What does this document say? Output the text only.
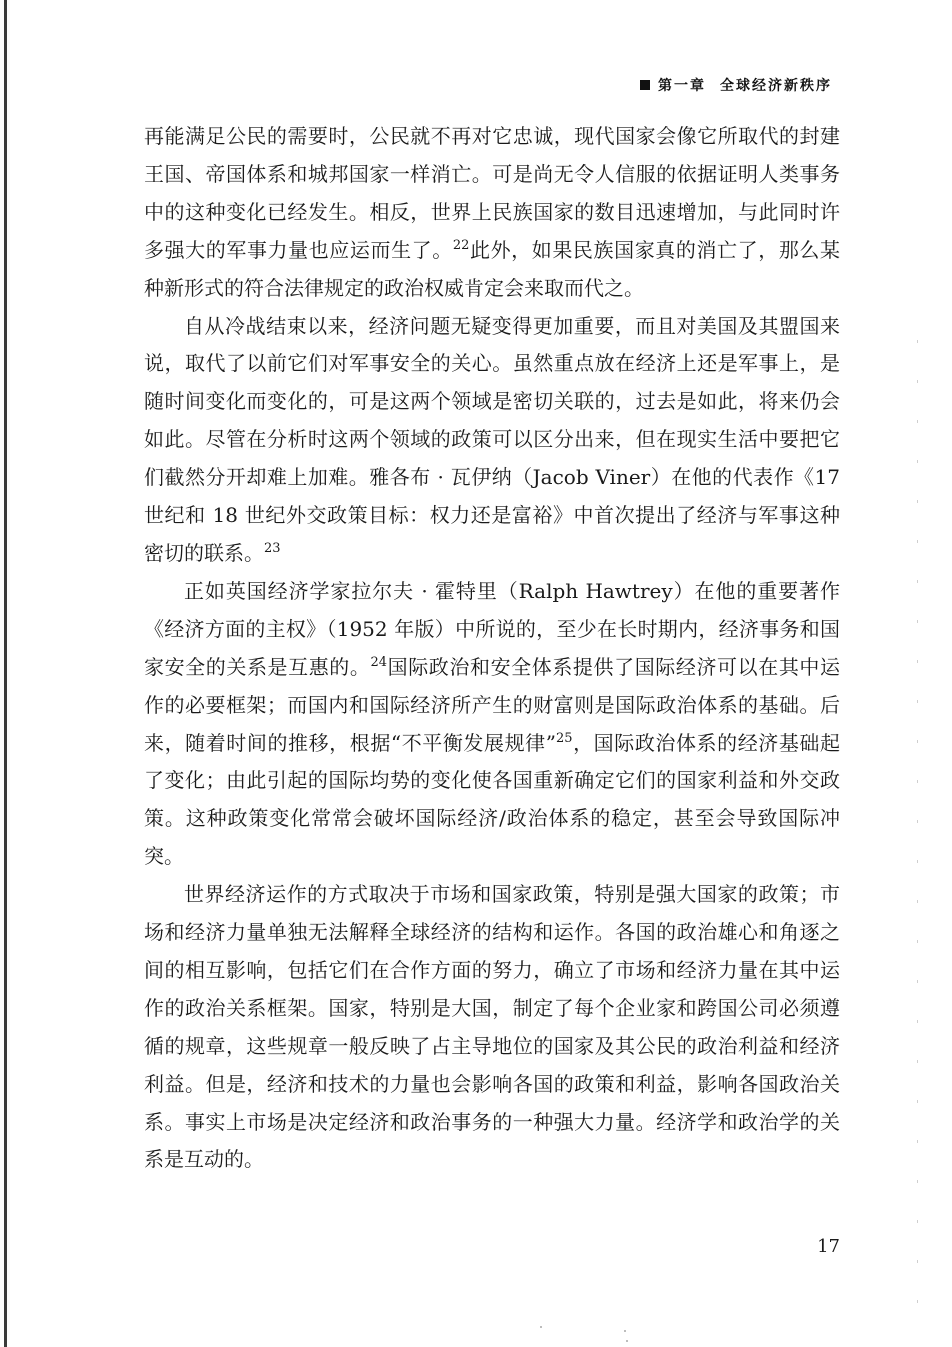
第一章 全球经济新秩序

再能满足公民的需要时，公民就不再对它忠诚，现代国家会像它所取代的封建王国、帝国体系和城邦国家一样消亡。可是尚无令人信服的依据证明人类事务中的这种变化已经发生。相反，世界上民族国家的数目迅速增加，与此同时许多强大的军事力量也应运而生了。$^{22}$此外，如果民族国家真的消亡了，那么某种新形式的符合法律规定的政治权威肯定会来取而代之。

自从冷战结束以来，经济问题无疑变得更加重要，而且对美国及其盟国来说，取代了以前它们对军事安全的关心。虽然重点放在经济上还是军事上，是随时间变化而变化的，可是这两个领域是密切关联的，过去是如此，将来仍会如此。尽管在分析时这两个领域的政策可以区分出来，但在现实生活中要把它们截然分开却难上加难。雅各布 · 瓦伊纳（Jacob Viner）在他的代表作《17 世纪和 18 世纪外交政策目标：权力还是富裕》中首次提出了经济与军事这种密切的联系。$^{23}$

正如英国经济学家拉尔夫 · 霍特里（Ralph Hawtrey）在他的重要著作《经济方面的主权》（1952 年版）中所说的，至少在长时期内，经济事务和国家安全的关系是互惠的。$^{24}$国际政治和安全体系提供了国际经济可以在其中运作的必要框架；而国内和国际经济所产生的财富则是国际政治体系的基础。后来，随着时间的推移，根据“不平衡发展规律”$^{25}$，国际政治体系的经济基础起了变化；由此引起的国际均势的变化使各国重新确定它们的国家利益和外交政策。这种政策变化常常会破坏国际经济/政治体系的稳定，甚至会导致国际冲突。

世界经济运作的方式取决于市场和国家政策，特别是强大国家的政策；市场和经济力量单独无法解释全球经济的结构和运作。各国的政治雄心和角逐之间的相互影响，包括它们在合作方面的努力，确立了市场和经济力量在其中运作的政治关系框架。国家，特别是大国，制定了每个企业家和跨国公司必须遵循的规章，这些规章一般反映了占主导地位的国家及其公民的政治利益和经济利益。但是，经济和技术的力量也会影响各国的政策和利益，影响各国政治关系。事实上市场是决定经济和政治事务的一种强大力量。经济学和政治学的关系是互动的。

17
